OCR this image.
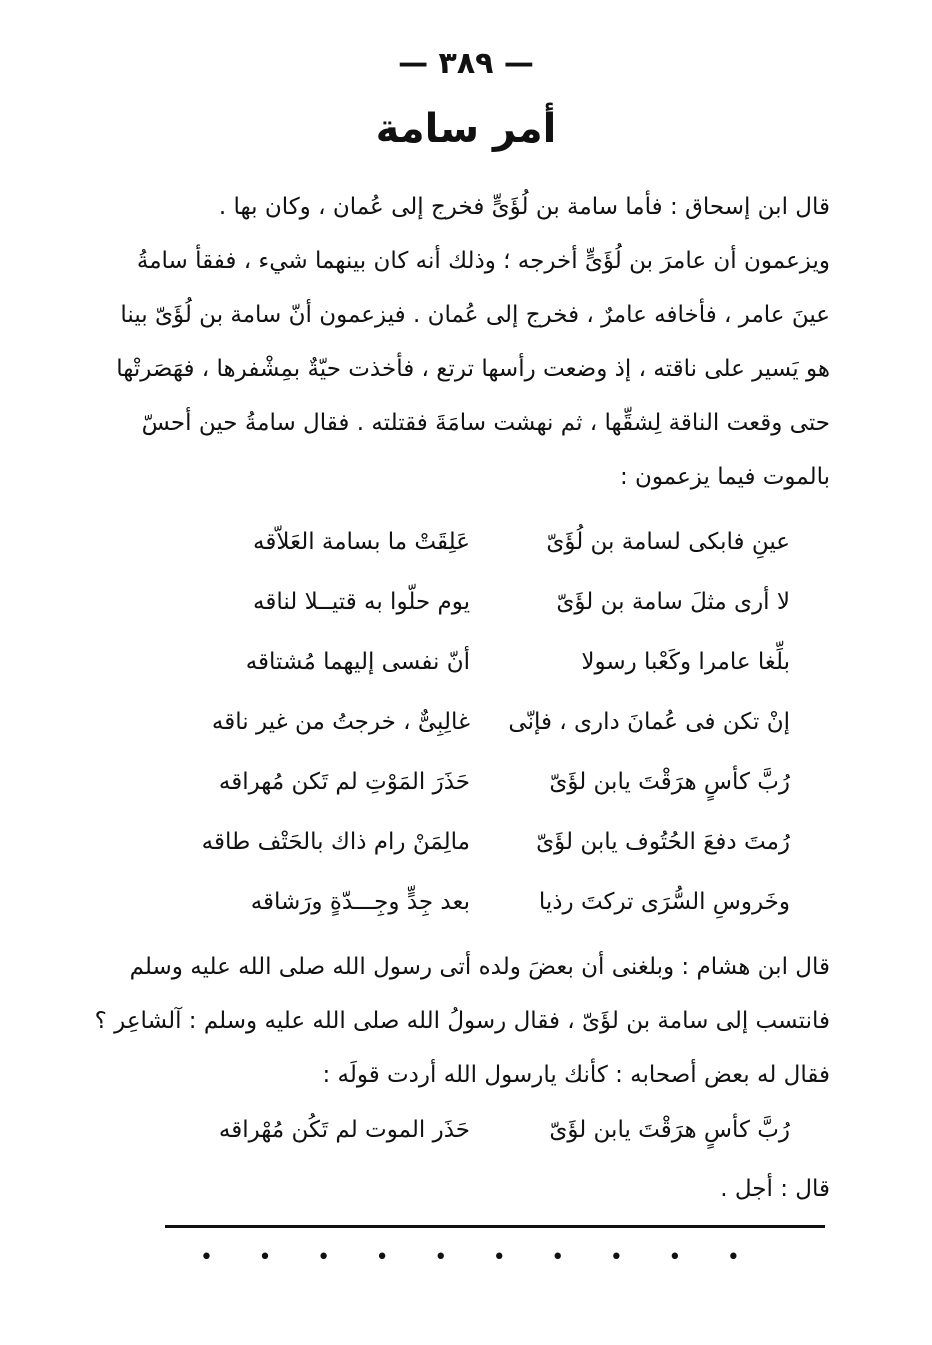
— ٣٨٩ —
أمر سامة
قال ابن إسحاق : فأما سامة بن لُؤَىٍّ فخرج إلى عُمان ، وكان بها .
ويزعمون أن عامرَ بن لُؤَىٍّ أخرجه ؛ وذلك أنه كان بينهما شيء ، ففقأ سامةُ
عينَ عامر ، فأخافه عامرٌ ، فخرج إلى عُمان . فيزعمون أنّ سامة بن لُؤَىّ بينا
هو يَسير على ناقته ، إذ وضعت رأسها ترتع ، فأخذت حيّةٌ بمِشْفرها ، فهَصَرتْها
حتى وقعت الناقة لِشقِّها ، ثم نهشت سامَةَ فقتلته . فقال سامةُ حين أحسّ
بالموت فيما يزعمون :
عينِ فابكى لسامة بن لُؤَىّ
عَلِقَتْ ما بسامة العَلاّقه
لا أرى مثلَ سامة بن لؤَىّ
يوم حلّوا به قتيــلا لناقه
بلِّغا عامرا وكَعْبا رسولا
أنّ نفسى إليهما مُشتاقه
إنْ تكن فى عُمانَ دارى ، فإنّى
غالِبِىٌّ ، خرجتُ من غير ناقه
رُبَّ كأسٍ هرَقْتَ يابن لؤَىّ
حَذَرَ المَوْتِ لم تَكن مُهراقه
رُمتَ دفعَ الحُتُوف يابن لؤَىّ
مالِمَنْ رام ذاك بالحَتْف طاقه
وخَروسِ السُّرَى تركتَ رذيا
بعد جِدٍّ وجِـــدّةٍ ورَشاقه
قال ابن هشام : وبلغنى أن بعضَ ولده أتى رسول الله صلى الله عليه وسلم
فانتسب إلى سامة بن لؤَىّ ، فقال رسولُ الله صلى الله عليه وسلم : آلشاعِر ؟
فقال له بعض أصحابه : كأنك يارسول الله أردت قولَه :
رُبَّ كأسٍ هرَقْتَ يابن لؤَىّ
حَذَر الموت لم تَكُن مُهْراقه
قال : أجل .
• • • • • • • • • •
